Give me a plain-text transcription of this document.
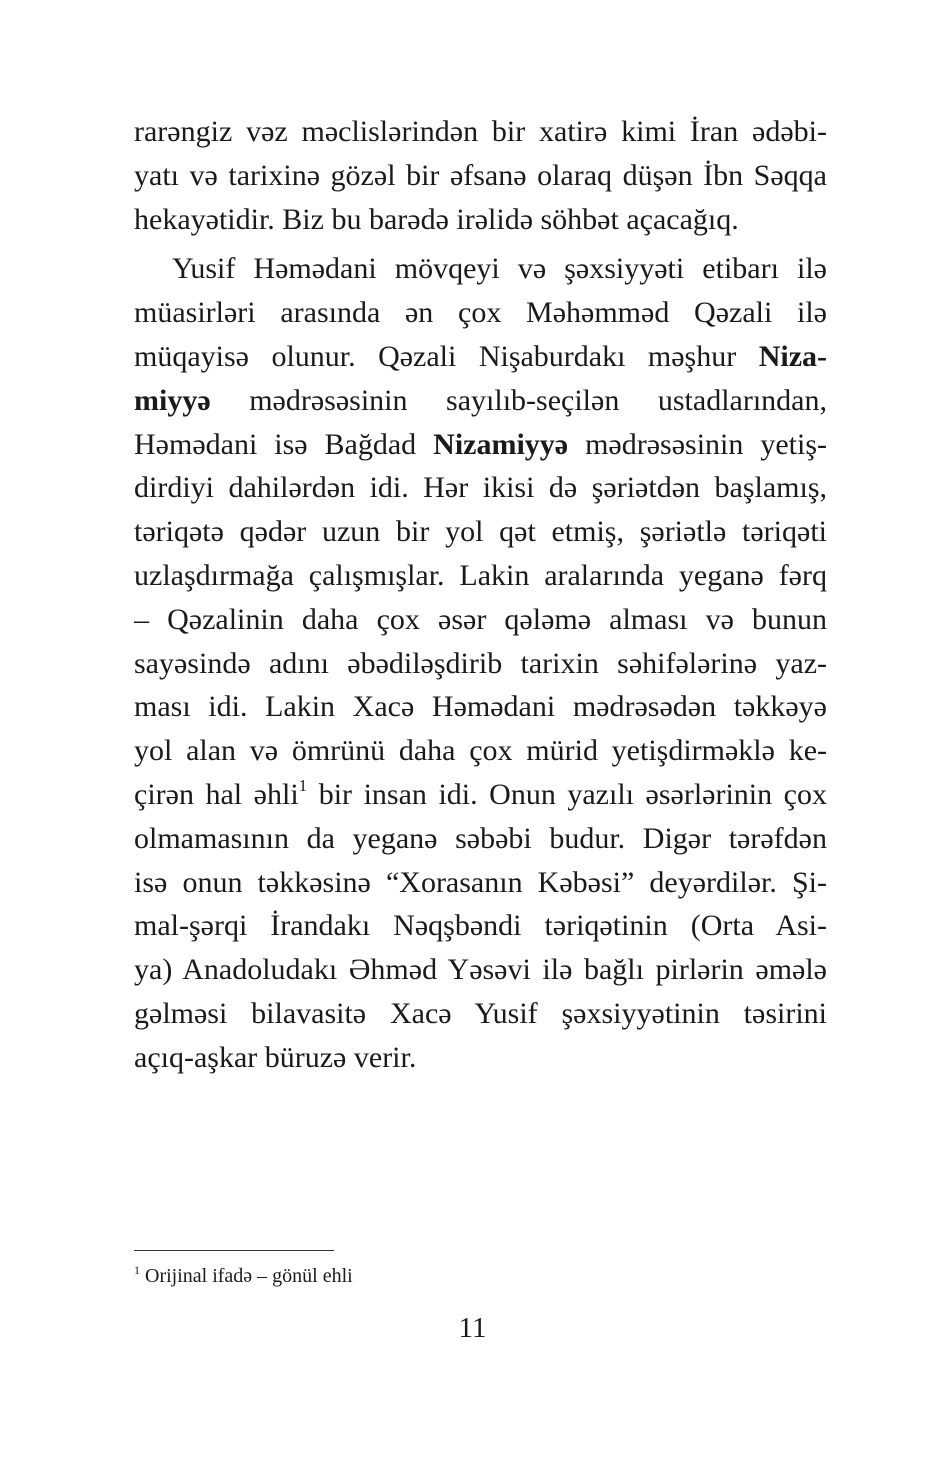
rarəngiz vəz məclislərindən bir xatirə kimi İran ədəbi-
yatı və tarixinə gözəl bir əfsanə olaraq düşən İbn Səqqa
hekayətidir. Biz bu barədə irəlidə söhbət açacağıq.
Yusif Həmədani mövqeyi və şəxsiyyəti etibarı ilə
müasirləri arasında ən çox Məhəmməd Qəzali ilə
müqayisə olunur. Qəzali Nişaburdakı məşhur Niza-
miyyə mədrəsəsinin sayılıb-seçilən ustadlarından,
Həmədani isə Bağdad Nizamiyyə mədrəsəsinin yetiş-
dirdiyi dahilərdən idi. Hər ikisi də şəriətdən başlamış,
təriqətə qədər uzun bir yol qət etmiş, şəriətlə təriqəti
uzlaşdırmağa çalışmışlar. Lakin aralarında yeganə fərq
– Qəzalinin daha çox əsər qələmə alması və bunun
sayəsində adını əbədiləşdirib tarixin səhifələrinə yaz-
ması idi. Lakin Xacə Həmədani mədrəsədən təkkəyə
yol alan və ömrünü daha çox mürid yetişdirməklə ke-
çirən hal əhli$^1$ bir insan idi. Onun yazılı əsərlərinin çox
olmamasının da yeganə səbəbi budur. Digər tərəfdən
isə onun təkkəsinə “Xorasanın Kəbəsi” deyərdilər. Şi-
mal-şərqi İrandakı Nəqşbəndi təriqətinin (Orta Asi-
ya) Anadoludakı Əhməd Yəsəvi ilə bağlı pirlərin əmələ
gəlməsi bilavasitə Xacə Yusif şəxsiyyətinin təsirini
açıq-aşkar büruzə verir.
$^1$ Orijinal ifadə – gönül ehli
11
